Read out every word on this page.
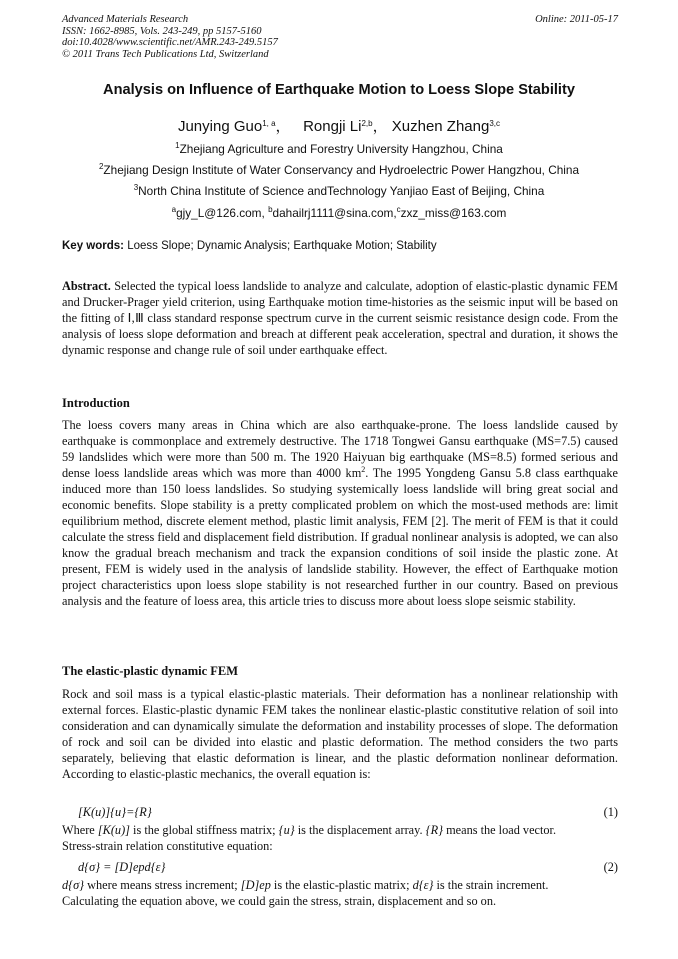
Advanced Materials Research
ISSN: 1662-8985, Vols. 243-249, pp 5157-5160
doi:10.4028/www.scientific.net/AMR.243-249.5157
© 2011 Trans Tech Publications Ltd, Switzerland
Online: 2011-05-17
Analysis on Influence of Earthquake Motion to Loess Slope Stability
Junying Guo$^{1, a}$， Rongji Li$^{2,b}$， Xuzhen Zhang$^{3,c}$
$^1$Zhejiang Agriculture and Forestry University Hangzhou, China
$^2$Zhejiang Design Institute of Water Conservancy and Hydroelectric Power Hangzhou, China
$^3$North China Institute of Science andTechnology Yanjiao East of Beijing, China
$^a$gjy_L@126.com, $^b$dahailrj1111@sina.com,$^c$zxz_miss@163.com
Key words: Loess Slope; Dynamic Analysis; Earthquake Motion; Stability
Abstract. Selected the typical loess landslide to analyze and calculate, adoption of elastic-plastic dynamic FEM and Drucker-Prager yield criterion, using Earthquake motion time-histories as the seismic input will be based on the fitting of Ⅰ,Ⅲ class standard response spectrum curve in the current seismic resistance design code. From the analysis of loess slope deformation and breach at different peak acceleration, spectral and duration, it shows the dynamic response and change rule of soil under earthquake effect.
Introduction
The loess covers many areas in China which are also earthquake-prone. The loess landslide caused by earthquake is commonplace and extremely destructive. The 1718 Tongwei Gansu earthquake (MS=7.5) caused 59 landslides which were more than 500 m. The 1920 Haiyuan big earthquake (MS=8.5) formed serious and dense loess landslide areas which was more than 4000 $km^2$. The 1995 Yongdeng Gansu 5.8 class earthquake induced more than 150 loess landslides. So studying systemically loess landslide will bring great social and economic benefits. Slope stability is a pretty complicated problem on which the most-used methods are: limit equilibrium method, discrete element method, plastic limit analysis, FEM [2]. The merit of FEM is that it could calculate the stress field and displacement field distribution. If gradual nonlinear analysis is adopted, we can also know the gradual breach mechanism and track the expansion conditions of soil inside the plastic zone. At present, FEM is widely used in the analysis of landslide stability. However, the effect of Earthquake motion project characteristics upon loess slope stability is not researched further in our country. Based on previous analysis and the feature of loess area, this article tries to discuss more about loess slope seismic stability.
The elastic-plastic dynamic FEM
Rock and soil mass is a typical elastic-plastic materials. Their deformation has a nonlinear relationship with external forces. Elastic-plastic dynamic FEM takes the nonlinear elastic-plastic constitutive relation of soil into consideration and can dynamically simulate the deformation and instability processes of slope. The deformation of rock and soil can be divided into elastic and plastic deformation. The method considers the two parts separately, believing that elastic deformation is linear, and the plastic deformation nonlinear deformation. According to elastic-plastic mechanics, the overall equation is:
[K(u)]{u}={R}	(1)
Where [K(u)] is the global stiffness matrix; {u} is the displacement array. {R} means the load vector.
Stress-strain relation constitutive equation:
d{σ} = [D]epd{ε}	(2)
d{σ} where means stress increment; [D]ep is the elastic-plastic matrix; d{ε} is the strain increment.
Calculating the equation above, we could gain the stress, strain, displacement and so on.
